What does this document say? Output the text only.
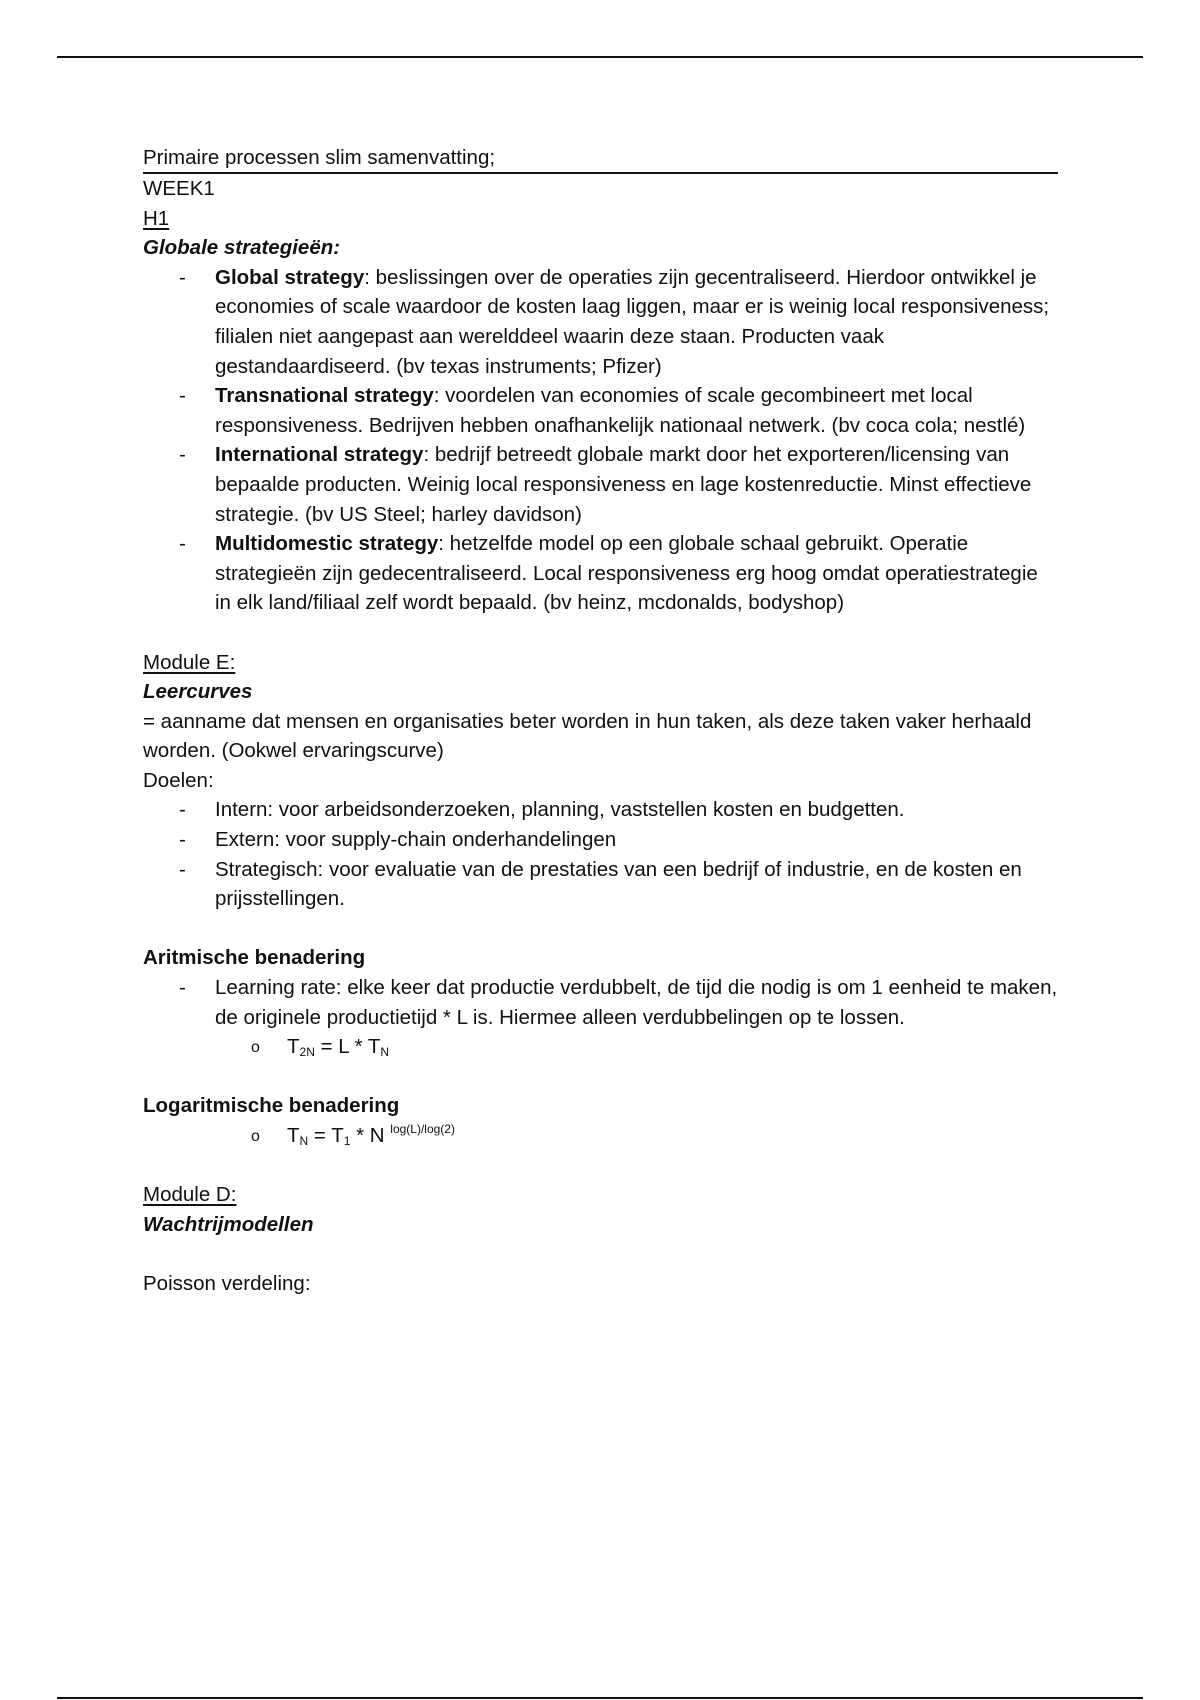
Primaire processen slim samenvatting;
WEEK1
H1
Globale strategieën:
- Global strategy: beslissingen over de operaties zijn gecentraliseerd. Hierdoor ontwikkel je economies of scale waardoor de kosten laag liggen, maar er is weinig local responsiveness; filialen niet aangepast aan werelddeel waarin deze staan. Producten vaak gestandaardiseerd. (bv texas instruments; Pfizer)
- Transnational strategy: voordelen van economies of scale gecombineert met local responsiveness. Bedrijven hebben onafhankelijk nationaal netwerk. (bv coca cola; nestlé)
- International strategy: bedrijf betreedt globale markt door het exporteren/licensing van bepaalde producten. Weinig local responsiveness en lage kostenreductie. Minst effectieve strategie. (bv US Steel; harley davidson)
- Multidomestic strategy: hetzelfde model op een globale schaal gebruikt. Operatie strategieën zijn gedecentraliseerd. Local responsiveness erg hoog omdat operatiestrategie in elk land/filiaal zelf wordt bepaald. (bv heinz, mcdonalds, bodyshop)
Module E:
Leercurves
= aanname dat mensen en organisaties beter worden in hun taken, als deze taken vaker herhaald worden. (Ookwel ervaringscurve)
Doelen:
- Intern: voor arbeidsonderzoeken, planning, vaststellen kosten en budgetten.
- Extern: voor supply-chain onderhandelingen
- Strategisch: voor evaluatie van de prestaties van een bedrijf of industrie, en de kosten en prijsstellingen.
Aritmische benadering
- Learning rate: elke keer dat productie verdubbelt, de tijd die nodig is om 1 eenheid te maken, de originele productietijd * L is. Hiermee alleen verdubbelingen op te lossen.
o $T_{2N} = L * T_N$
Logaritmische benadering
o $T_N = T_1 * N$ $^{log(L)/log(2)}$
Module D:
Wachtrijmodellen
Poisson verdeling:
